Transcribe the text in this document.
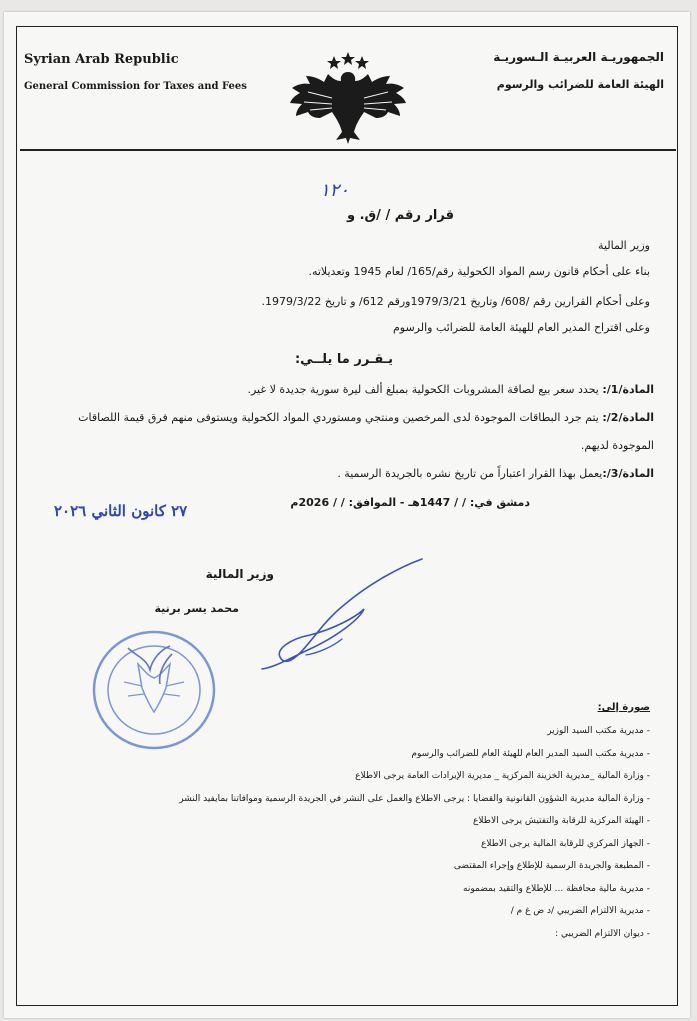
Syrian Arab Republic
General Commission for Taxes and Fees
الجمهوريـة العربيـة الـسوريـة
الهيئة العامة للضرائب والرسوم
١٢٠
قرار رقم / /ق. و
وزير المالية
بناء على أحكام قانون رسم المواد الكحولية رقم/165/ لعام 1945 وتعديلاته.
وعلى أحكام القرارين رقم /608/ وتاريخ 1979/3/21ورقم 612/ و تاريخ 1979/3/22.
وعلى اقتراح المدير العام للهيئة العامة للضرائب والرسوم
يـقـرر ما يلــي:
المادة/1/: يحدد سعر بيع لصاقة المشروبات الكحولية بمبلغ ألف ليرة سورية جديدة لا غير.
المادة/2/: يتم جرد البطاقات الموجودة لدى المرخصين ومنتجي ومستوردي المواد الكحولية ويستوفى منهم فرق قيمة اللصاقات الموجودة لديهم.
المادة/3/:يعمل بهذا القرار اعتباراً من تاريخ نشره بالجريدة الرسمية .
دمشق في: / / 1447هـ - الموافق: / / 2026م
٢٧ كانون الثاني ٢٠٢٦
وزير المالية
محمد يسر برنية
صورة إلى:
- مديرية مكتب السيد الوزير
- مديرية مكتب السيد المدير العام للهيئة العام للضرائب والرسوم
- وزارة المالية _مديرية الخزينة المركزية _ مديرية الإيرادات العامة يرجى الاطلاع
- وزارة المالية مديرية الشؤون القانونية والقضايا : يرجى الاطلاع والعمل على النشر في الجريدة الرسمية وموافاتنا بمايفيد النشر
- الهيئة المركزية للرقابة والتفتيش يرجى الاطلاع
- الجهاز المركزي للرقابة المالية يرجى الاطلاع
- المطبعة والجريدة الرسمية للإطلاع وإجراء المقتضى
- مديرية مالية محافظة ... للإطلاع والتقيد بمضمونه
- مديرية الالتزام الضريبي /د ض غ م /
- ديوان الالتزام الضريبي :
